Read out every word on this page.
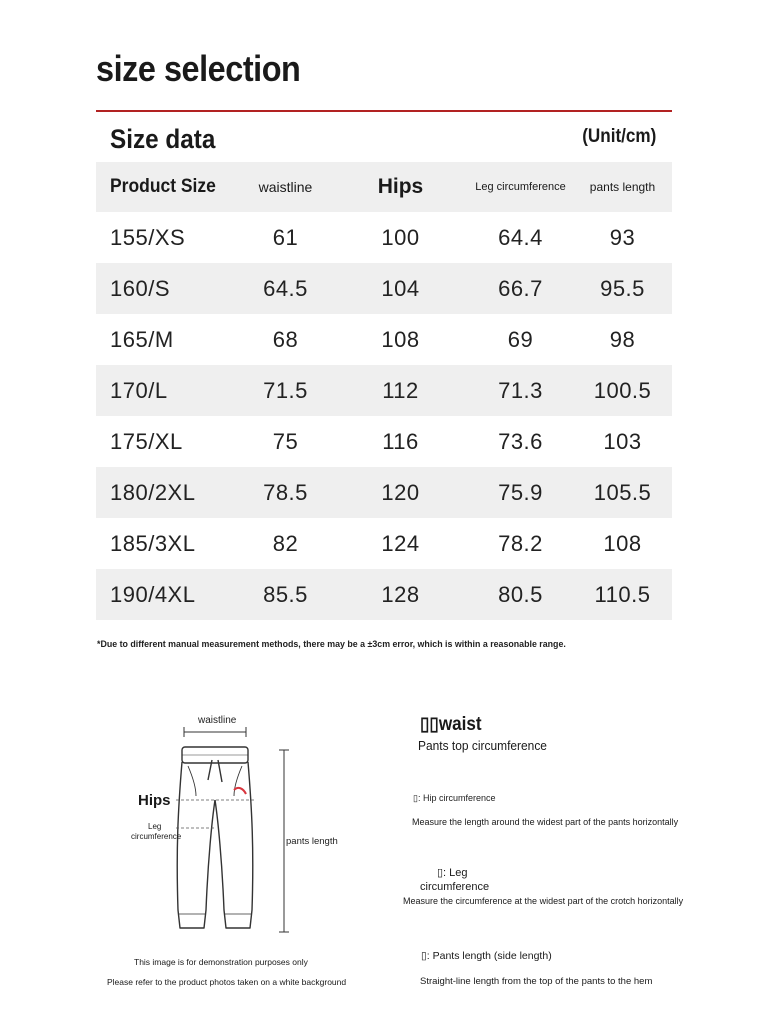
size selection
Size data	(Unit/cm)
Product Size	waistline	Hips	Leg circumference	pants length
155/XS	61	100	64.4	93
160/S	64.5	104	66.7	95.5
165/M	68	108	69	98
170/L	71.5	112	71.3	100.5
175/XL	75	116	73.6	103
180/2XL	78.5	120	75.9	105.5
185/3XL	82	124	78.2	108
190/4XL	85.5	128	80.5	110.5
*Due to different manual measurement methods, there may be a ±3cm error, which is within a reasonable range.
waistline
Hips
Leg
circumference	pants length
This image is for demonstration purposes only
Please refer to the product photos taken on a white background
▯▯waist
Pants top circumference
▯: Hip circumference
Measure the length around the widest part of the pants horizontally
▯: Leg
circumference
Measure the circumference at the widest part of the crotch horizontally
▯: Pants length (side length)
Straight-line length from the top of the pants to the hem
